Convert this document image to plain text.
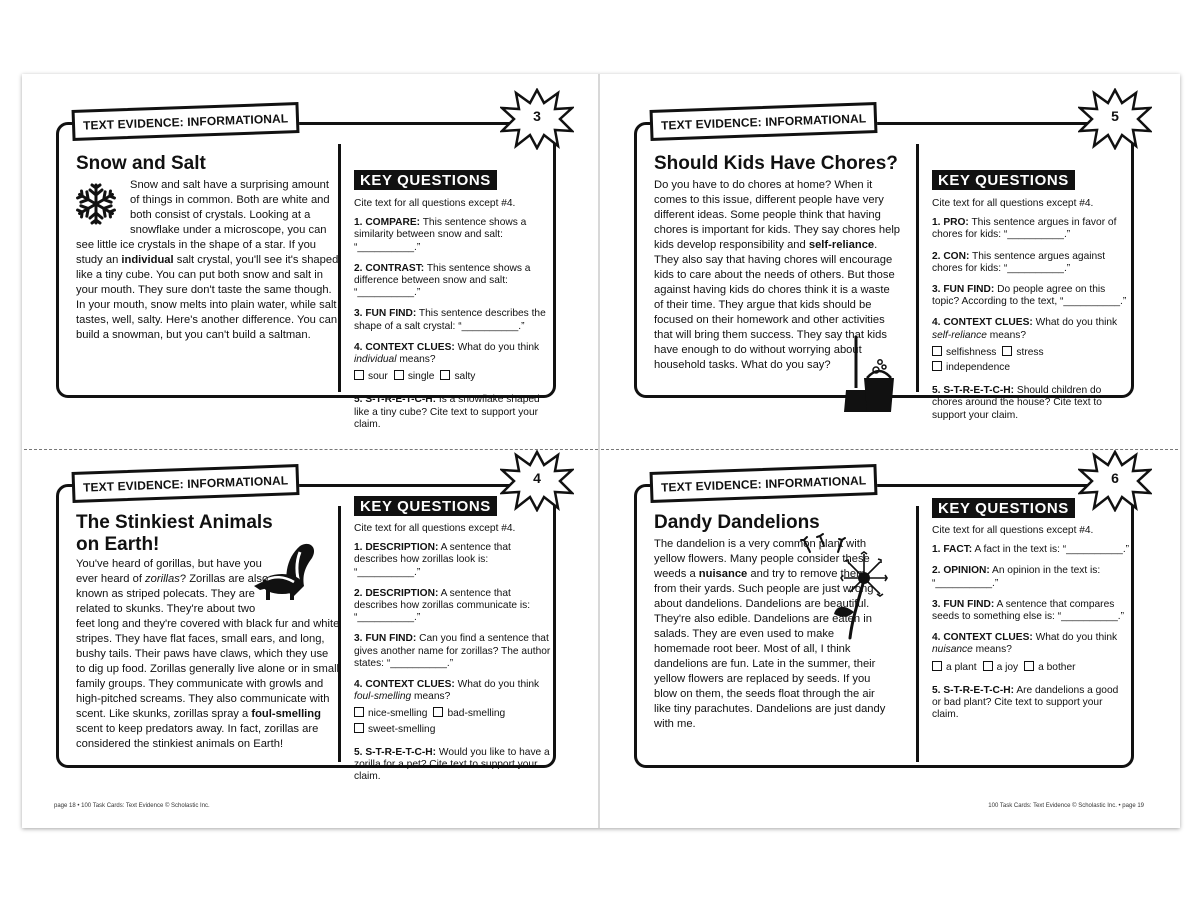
TEXT EVIDENCE: INFORMATIONAL	3
Snow and Salt
Snow and salt have a surprising amount of things in common. Both are white and both consist of crystals. Looking at a snowflake under a microscope, you can see little ice crystals in the shape of a star. If you study an individual salt crystal, you'll see it's shaped like a tiny cube. You can put both snow and salt in your mouth. They sure don't taste the same though. In your mouth, snow melts into plain water, while salt tastes, well, salty. Here's another difference. You can build a snowman, but you can't build a saltman.
KEY QUESTIONS
Cite text for all questions except #4.
1. COMPARE: This sentence shows a similarity between snow and salt: “__________.”
2. CONTRAST: This sentence shows a difference between snow and salt: “__________.”
3. FUN FIND: This sentence describes the shape of a salt crystal: “__________.”
4. CONTEXT CLUES: What do you think individual means?
sour single salty
5. S-T-R-E-T-C-H: Is a snowflake shaped like a tiny cube? Cite text to support your claim.
TEXT EVIDENCE: INFORMATIONAL	5
Should Kids Have Chores?
Do you have to do chores at home? When it comes to this issue, different people have very different ideas. Some people think that having chores is important for kids. They say chores help kids develop responsibility and self-reliance. They also say that having chores will encourage kids to care about the needs of others. But those against having kids do chores think it is a waste of their time. They argue that kids should be focused on their homework and other activities that will bring them success. They say that kids have enough to do without worrying about household tasks. What do you say?
KEY QUESTIONS
Cite text for all questions except #4.
1. PRO: This sentence argues in favor of chores for kids: “__________.”
2. CON: This sentence argues against chores for kids: “__________.”
3. FUN FIND: Do people agree on this topic? According to the text, “__________.”
4. CONTEXT CLUES: What do you think self-reliance means?
selfishness stressindependence
5. S-T-R-E-T-C-H: Should children do chores around the house? Cite text to support your claim.
TEXT EVIDENCE: INFORMATIONAL	4
The Stinkiest Animals on Earth!
You've heard of gorillas, but have you ever heard of zorillas? Zorillas are also known as striped polecats. They are related to skunks. They're about two feet long and they're covered with black fur and white stripes. They have flat faces, small ears, and long, bushy tails. Their paws have claws, which they use to dig up food. Zorillas generally live alone or in small family groups. They communicate with growls and high-pitched screams. They also communicate with scent. Like skunks, zorillas spray a foul-smelling scent to keep predators away. In fact, zorillas are considered the stinkiest animals on Earth!
KEY QUESTIONS
Cite text for all questions except #4.
1. DESCRIPTION: A sentence that describes how zorillas look is: “__________.”
2. DESCRIPTION: A sentence that describes how zorillas communicate is: “__________.”
3. FUN FIND: Can you find a sentence that gives another name for zorillas? The author states: “__________.”
4. CONTEXT CLUES: What do you think foul-smelling means?
nice-smelling bad-smellingsweet-smelling
5. S-T-R-E-T-C-H: Would you like to have a zorilla for a pet? Cite text to support your claim.
TEXT EVIDENCE: INFORMATIONAL	6
Dandy Dandelions
The dandelion is a very common plant with yellow flowers. Many people consider these weeds a nuisance and try to remove them from their yards. Such people are just wrong about dandelions. Dandelions are beautiful. They're also edible. Dandelions are eaten in salads. They are even used to make homemade root beer. Most of all, I think dandelions are fun. Late in the summer, their yellow flowers are replaced by seeds. If you blow on them, the seeds float through the air like tiny parachutes. Dandelions are just dandy with me.
KEY QUESTIONS
Cite text for all questions except #4.
1. FACT: A fact in the text is: “__________.”
2. OPINION: An opinion in the text is: “__________.”
3. FUN FIND: A sentence that compares seeds to something else is: “__________.”
4. CONTEXT CLUES: What do you think nuisance means?
a plant a joy a bother
5. S-T-R-E-T-C-H: Are dandelions a good or bad plant? Cite text to support your claim.
page 18 • 100 Task Cards: Text Evidence © Scholastic Inc.	100 Task Cards: Text Evidence © Scholastic Inc. • page 19
